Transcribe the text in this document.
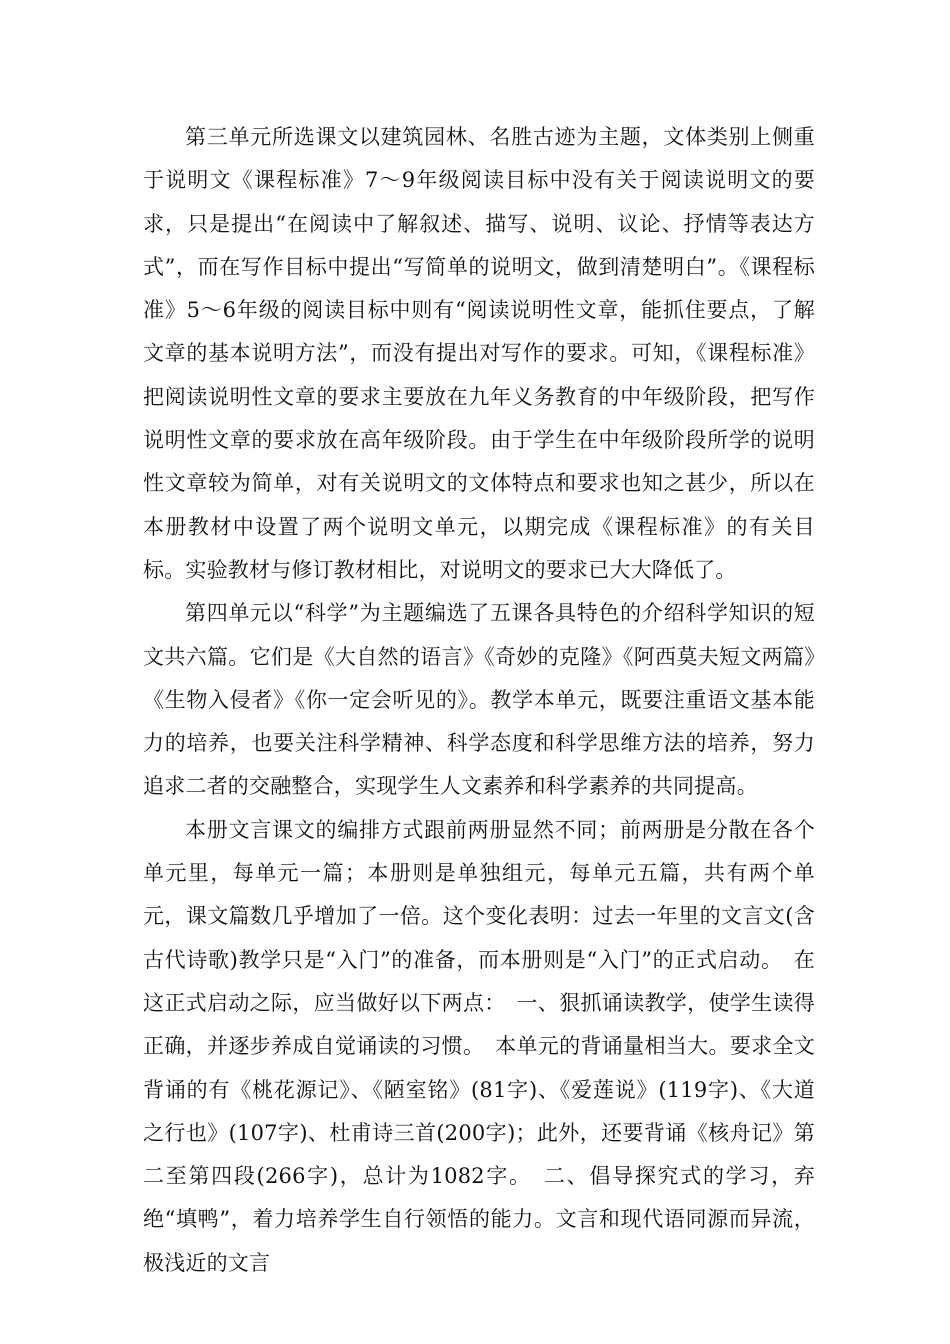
第三单元所选课文以建筑园林、名胜古迹为主题，文体类别上侧重于说明文《课程标准》7～9年级阅读目标中没有关于阅读说明文的要求，只是提出“在阅读中了解叙述、描写、说明、议论、抒情等表达方式”，而在写作目标中提出“写简单的说明文，做到清楚明白”。《课程标准》5～6年级的阅读目标中则有“阅读说明性文章，能抓住要点，了解文章的基本说明方法”，而没有提出对写作的要求。可知，《课程标准》把阅读说明性文章的要求主要放在九年义务教育的中年级阶段，把写作说明性文章的要求放在高年级阶段。由于学生在中年级阶段所学的说明性文章较为简单，对有关说明文的文体特点和要求也知之甚少，所以在本册教材中设置了两个说明文单元，以期完成《课程标准》的有关目标。实验教材与修订教材相比，对说明文的要求已大大降低了。

第四单元以“科学”为主题编选了五课各具特色的介绍科学知识的短文共六篇。它们是《大自然的语言》《奇妙的克隆》《阿西莫夫短文两篇》《生物入侵者》《你一定会听见的》。教学本单元，既要注重语文基本能力的培养，也要关注科学精神、科学态度和科学思维方法的培养，努力追求二者的交融整合，实现学生人文素养和科学素养的共同提高。

本册文言课文的编排方式跟前两册显然不同；前两册是分散在各个单元里，每单元一篇；本册则是单独组元，每单元五篇，共有两个单元，课文篇数几乎增加了一倍。这个变化表明：过去一年里的文言文(含古代诗歌)教学只是“入门”的准备，而本册则是“入门”的正式启动。　在这正式启动之际，应当做好以下两点：　一、狠抓诵读教学，使学生读得正确，并逐步养成自觉诵读的习惯。　本单元的背诵量相当大。要求全文背诵的有《桃花源记》、《陋室铭》(81字)、《爱莲说》(119字)、《大道之行也》(107字)、杜甫诗三首(200字)；此外，还要背诵《核舟记》第二至第四段(266字)，总计为1082字。　二、倡导探究式的学习，弃绝“填鸭”，着力培养学生自行领悟的能力。文言和现代语同源而异流，极浅近的文言
